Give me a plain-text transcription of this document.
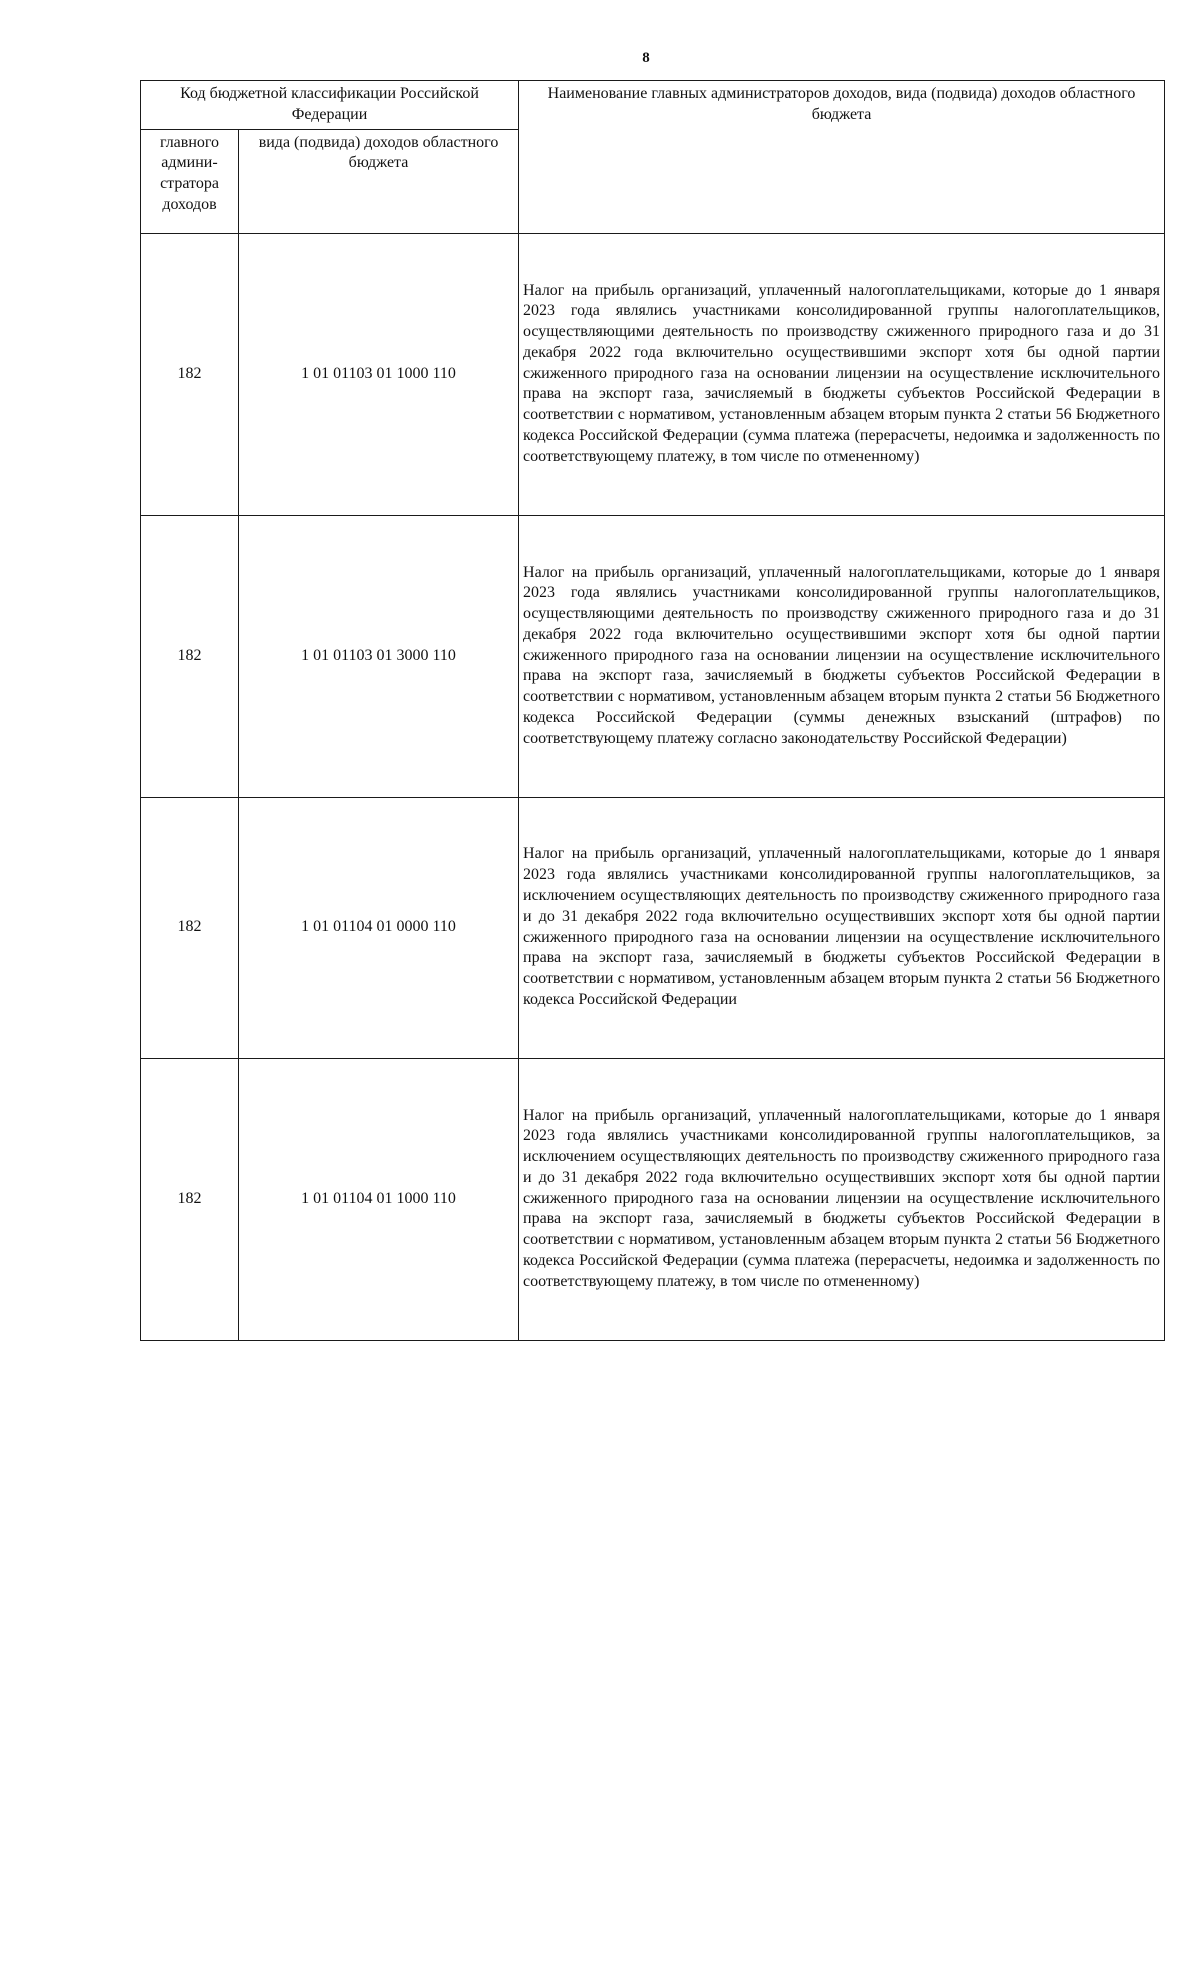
8
Код бюджетной классификации Российской Федерации		Наименование главных администраторов доходов, вида (подвида) доходов областного бюджета
главного админи-стратора доходов	вида (подвида) доходов областного бюджета	
182	1 01 01103 01 1000 110	Налог на прибыль организаций, уплаченный налогоплательщиками, которые до 1 января 2023 года являлись участниками консолидированной группы налогоплательщиков, осуществляющими деятельность по производству сжиженного природного газа и до 31 декабря 2022 года включительно осуществившими экспорт хотя бы одной партии сжиженного природного газа на основании лицензии на осуществление исключительного права на экспорт газа, зачисляемый в бюджеты субъектов Российской Федерации в соответствии с нормативом, установленным абзацем вторым пункта 2 статьи 56 Бюджетного кодекса Российской Федерации (сумма платежа (перерасчеты, недоимка и задолженность по соответствующему платежу, в том числе по отмененному)
182	1 01 01103 01 3000 110	Налог на прибыль организаций, уплаченный налогоплательщиками, которые до 1 января 2023 года являлись участниками консолидированной группы налогоплательщиков, осуществляющими деятельность по производству сжиженного природного газа и до 31 декабря 2022 года включительно осуществившими экспорт хотя бы одной партии сжиженного природного газа на основании лицензии на осуществление исключительного права на экспорт газа, зачисляемый в бюджеты субъектов Российской Федерации в соответствии с нормативом, установленным абзацем вторым пункта 2 статьи 56 Бюджетного кодекса Российской Федерации (суммы денежных взысканий (штрафов) по соответствующему платежу согласно законодательству Российской Федерации)
182	1 01 01104 01 0000 110	Налог на прибыль организаций, уплаченный налогоплательщиками, которые до 1 января 2023 года являлись участниками консолидированной группы налогоплательщиков, за исключением осуществляющих деятельность по производству сжиженного природного газа и до 31 декабря 2022 года включительно осуществивших экспорт хотя бы одной партии сжиженного природного газа на основании лицензии на осуществление исключительного права на экспорт газа, зачисляемый в бюджеты субъектов Российской Федерации в соответствии с нормативом, установленным абзацем вторым пункта 2 статьи 56 Бюджетного кодекса Российской Федерации
182	1 01 01104 01 1000 110	Налог на прибыль организаций, уплаченный налогоплательщиками, которые до 1 января 2023 года являлись участниками консолидированной группы налогоплательщиков, за исключением осуществляющих деятельность по производству сжиженного природного газа и до 31 декабря 2022 года включительно осуществивших экспорт хотя бы одной партии сжиженного природного газа на основании лицензии на осуществление исключительного права на экспорт газа, зачисляемый в бюджеты субъектов Российской Федерации в соответствии с нормативом, установленным абзацем вторым пункта 2 статьи 56 Бюджетного кодекса Российской Федерации (сумма платежа (перерасчеты, недоимка и задолженность по соответствующему платежу, в том числе по отмененному)
